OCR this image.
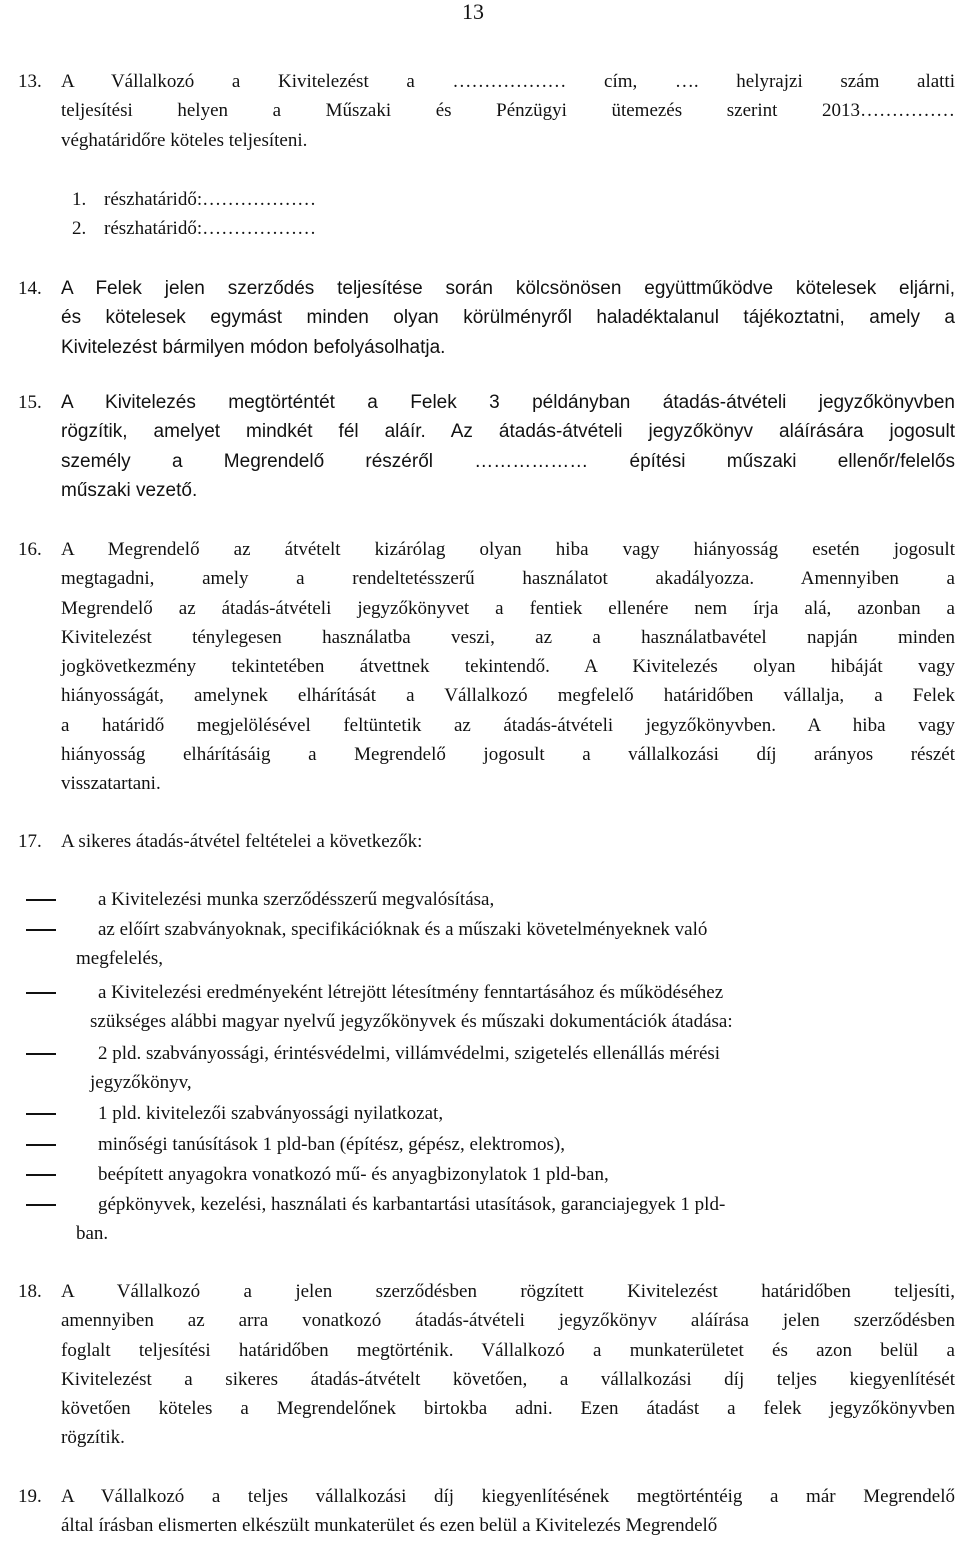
13
13.	A Vállalkozó a Kivitelezést a ……………… cím, …. helyrajzi szám alatti
teljesítési helyen a Műszaki és Pénzügyi ütemezés szerint 2013……………
véghatáridőre köteles teljesíteni.
14.	A Felek jelen szerződés teljesítése során kölcsönösen együttműködve kötelesek eljárni,
és kötelesek egymást minden olyan körülményről haladéktalanul tájékoztatni, amely a
Kivitelezést bármilyen módon befolyásolhatja.
15.	A Kivitelezés megtörténtét a Felek 3 példányban átadás-átvételi jegyzőkönyvben
rögzítik, amelyet mindkét fél aláír. Az átadás-átvételi jegyzőkönyv aláírására jogosult
személy a Megrendelő részéről ……………… építési műszaki ellenőr/felelős
műszaki vezető.
16.	A Megrendelő az átvételt kizárólag olyan hiba vagy hiányosság esetén jogosult
megtagadni, amely a rendeltetésszerű használatot akadályozza. Amennyiben a
Megrendelő az átadás-átvételi jegyzőkönyvet a fentiek ellenére nem írja alá, azonban a
Kivitelezést ténylegesen használatba veszi, az a használatbavétel napján minden
jogkövetkezmény tekintetében átvettnek tekintendő. A Kivitelezés olyan hibáját vagy
hiányosságát, amelynek elhárítását a Vállalkozó megfelelő határidőben vállalja, a Felek
a határidő megjelölésével feltüntetik az átadás-átvételi jegyzőkönyvben. A hiba vagy
hiányosság elhárításáig a Megrendelő jogosult a vállalkozási díj arányos részét
visszatartani.
17.	A sikeres átadás-átvétel feltételei a következők:
18.	A Vállalkozó a jelen szerződésben rögzített Kivitelezést határidőben teljesíti,
amennyiben az arra vonatkozó átadás-átvételi jegyzőkönyv aláírása jelen szerződésben
foglalt teljesítési határidőben megtörténik. Vállalkozó a munkaterületet és azon belül a
Kivitelezést a sikeres átadás-átvételt követően, a vállalkozási díj teljes kiegyenlítését
követően köteles a Megrendelőnek birtokba adni. Ezen átadást a felek jegyzőkönyvben
rögzítik.
19.	A Vállalkozó a teljes vállalkozási díj kiegyenlítésének megtörténtéig a már Megrendelő
által írásban elismerten elkészült munkaterület és ezen belül a Kivitelezés Megrendelő
1. részhatáridő:………………
2. részhatáridő:………………
a Kivitelezési munka szerződésszerű megvalósítása,
az előírt szabványoknak, specifikációknak és a műszaki követelményeknek való
megfelelés,
a Kivitelezési eredményeként létrejött létesítmény fenntartásához és működéséhez
szükséges alábbi magyar nyelvű jegyzőkönyvek és műszaki dokumentációk átadása:
2 pld. szabványossági, érintésvédelmi, villámvédelmi, szigetelés ellenállás mérési
jegyzőkönyv,
1 pld. kivitelezői szabványossági nyilatkozat,
minőségi tanúsítások 1 pld-ban (építész, gépész, elektromos),
beépített anyagokra vonatkozó mű- és anyagbizonylatok 1 pld-ban,
gépkönyvek, kezelési, használati és karbantartási utasítások, garanciajegyek 1 pld-
ban.
